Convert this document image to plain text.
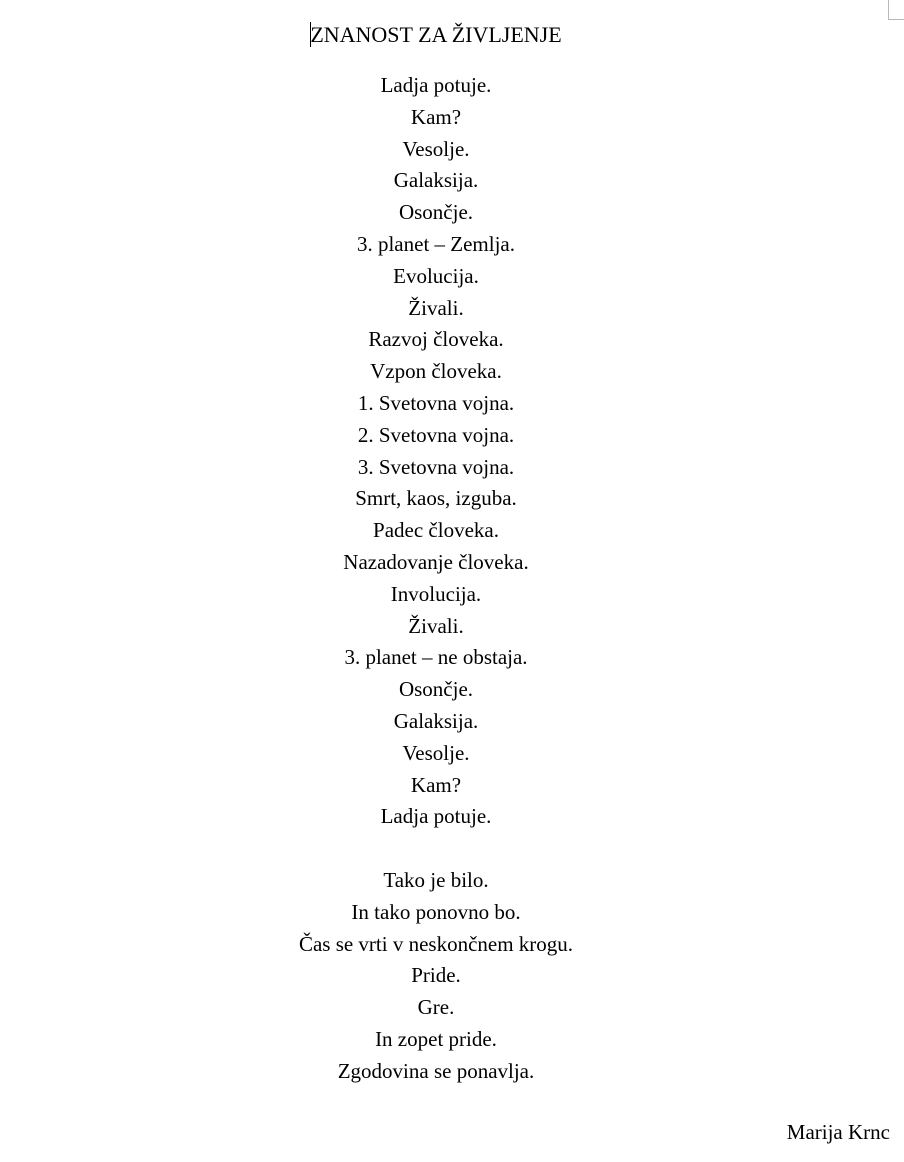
ZNANOST ZA ŽIVLJENJE
Ladja potuje.
Kam?
Vesolje.
Galaksija.
Osončje.
3. planet – Zemlja.
Evolucija.
Živali.
Razvoj človeka.
Vzpon človeka.
1. Svetovna vojna.
2. Svetovna vojna.
3. Svetovna vojna.
Smrt, kaos, izguba.
Padec človeka.
Nazadovanje človeka.
Involucija.
Živali.
3. planet – ne obstaja.
Osončje.
Galaksija.
Vesolje.
Kam?
Ladja potuje.
Tako je bilo.
In tako ponovno bo.
Čas se vrti v neskončnem krogu.
Pride.
Gre.
In zopet pride.
Zgodovina se ponavlja.
Marija Krnc
